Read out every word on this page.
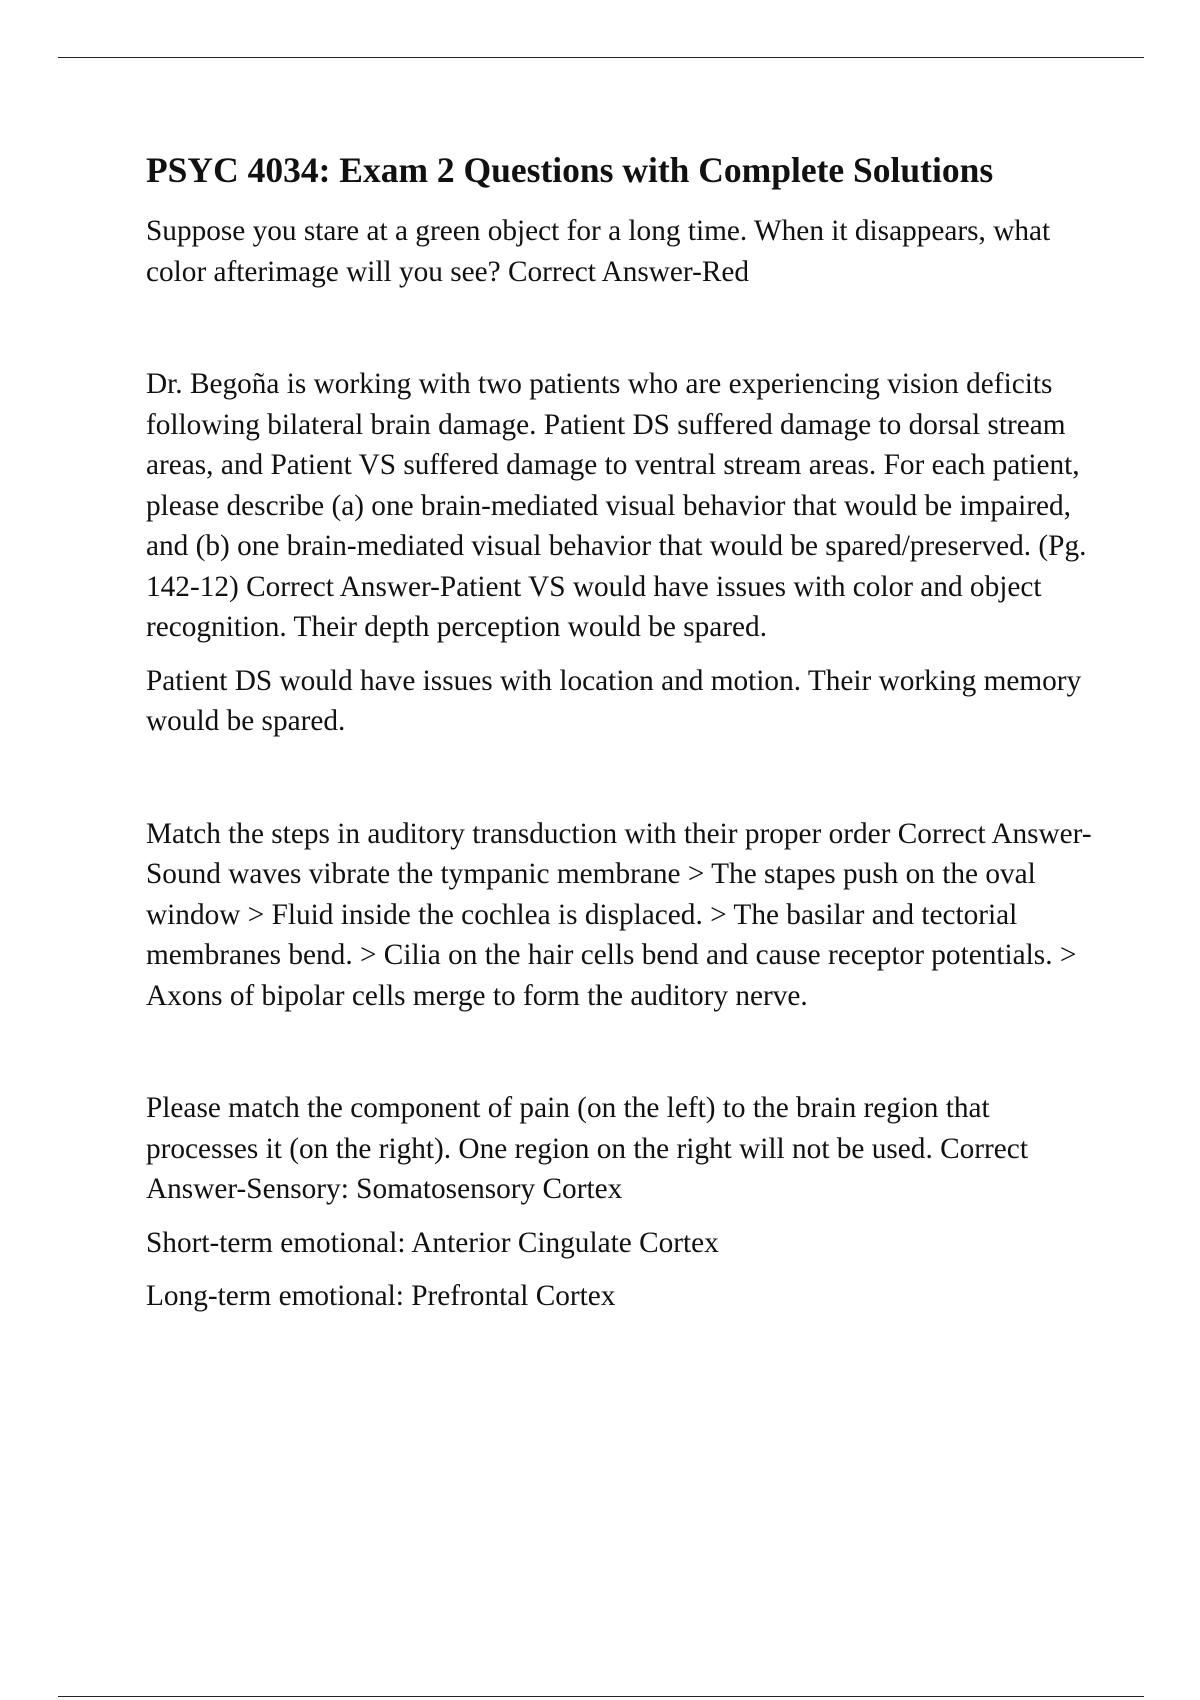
PSYC 4034: Exam 2 Questions with Complete Solutions

Suppose you stare at a green object for a long time. When it disappears, what color afterimage will you see? Correct Answer-Red

Dr. Begoña is working with two patients who are experiencing vision deficits following bilateral brain damage. Patient DS suffered damage to dorsal stream areas, and Patient VS suffered damage to ventral stream areas. For each patient, please describe (a) one brain-mediated visual behavior that would be impaired, and (b) one brain-mediated visual behavior that would be spared/preserved. (Pg. 142-12) Correct Answer-Patient VS would have issues with color and object recognition. Their depth perception would be spared.

Patient DS would have issues with location and motion. Their working memory would be spared.

Match the steps in auditory transduction with their proper order Correct Answer-Sound waves vibrate the tympanic membrane > The stapes push on the oval window > Fluid inside the cochlea is displaced. > The basilar and tectorial membranes bend. > Cilia on the hair cells bend and cause receptor potentials. > Axons of bipolar cells merge to form the auditory nerve.

Please match the component of pain (on the left) to the brain region that processes it (on the right). One region on the right will not be used. Correct Answer-Sensory: Somatosensory Cortex

Short-term emotional: Anterior Cingulate Cortex

Long-term emotional: Prefrontal Cortex
